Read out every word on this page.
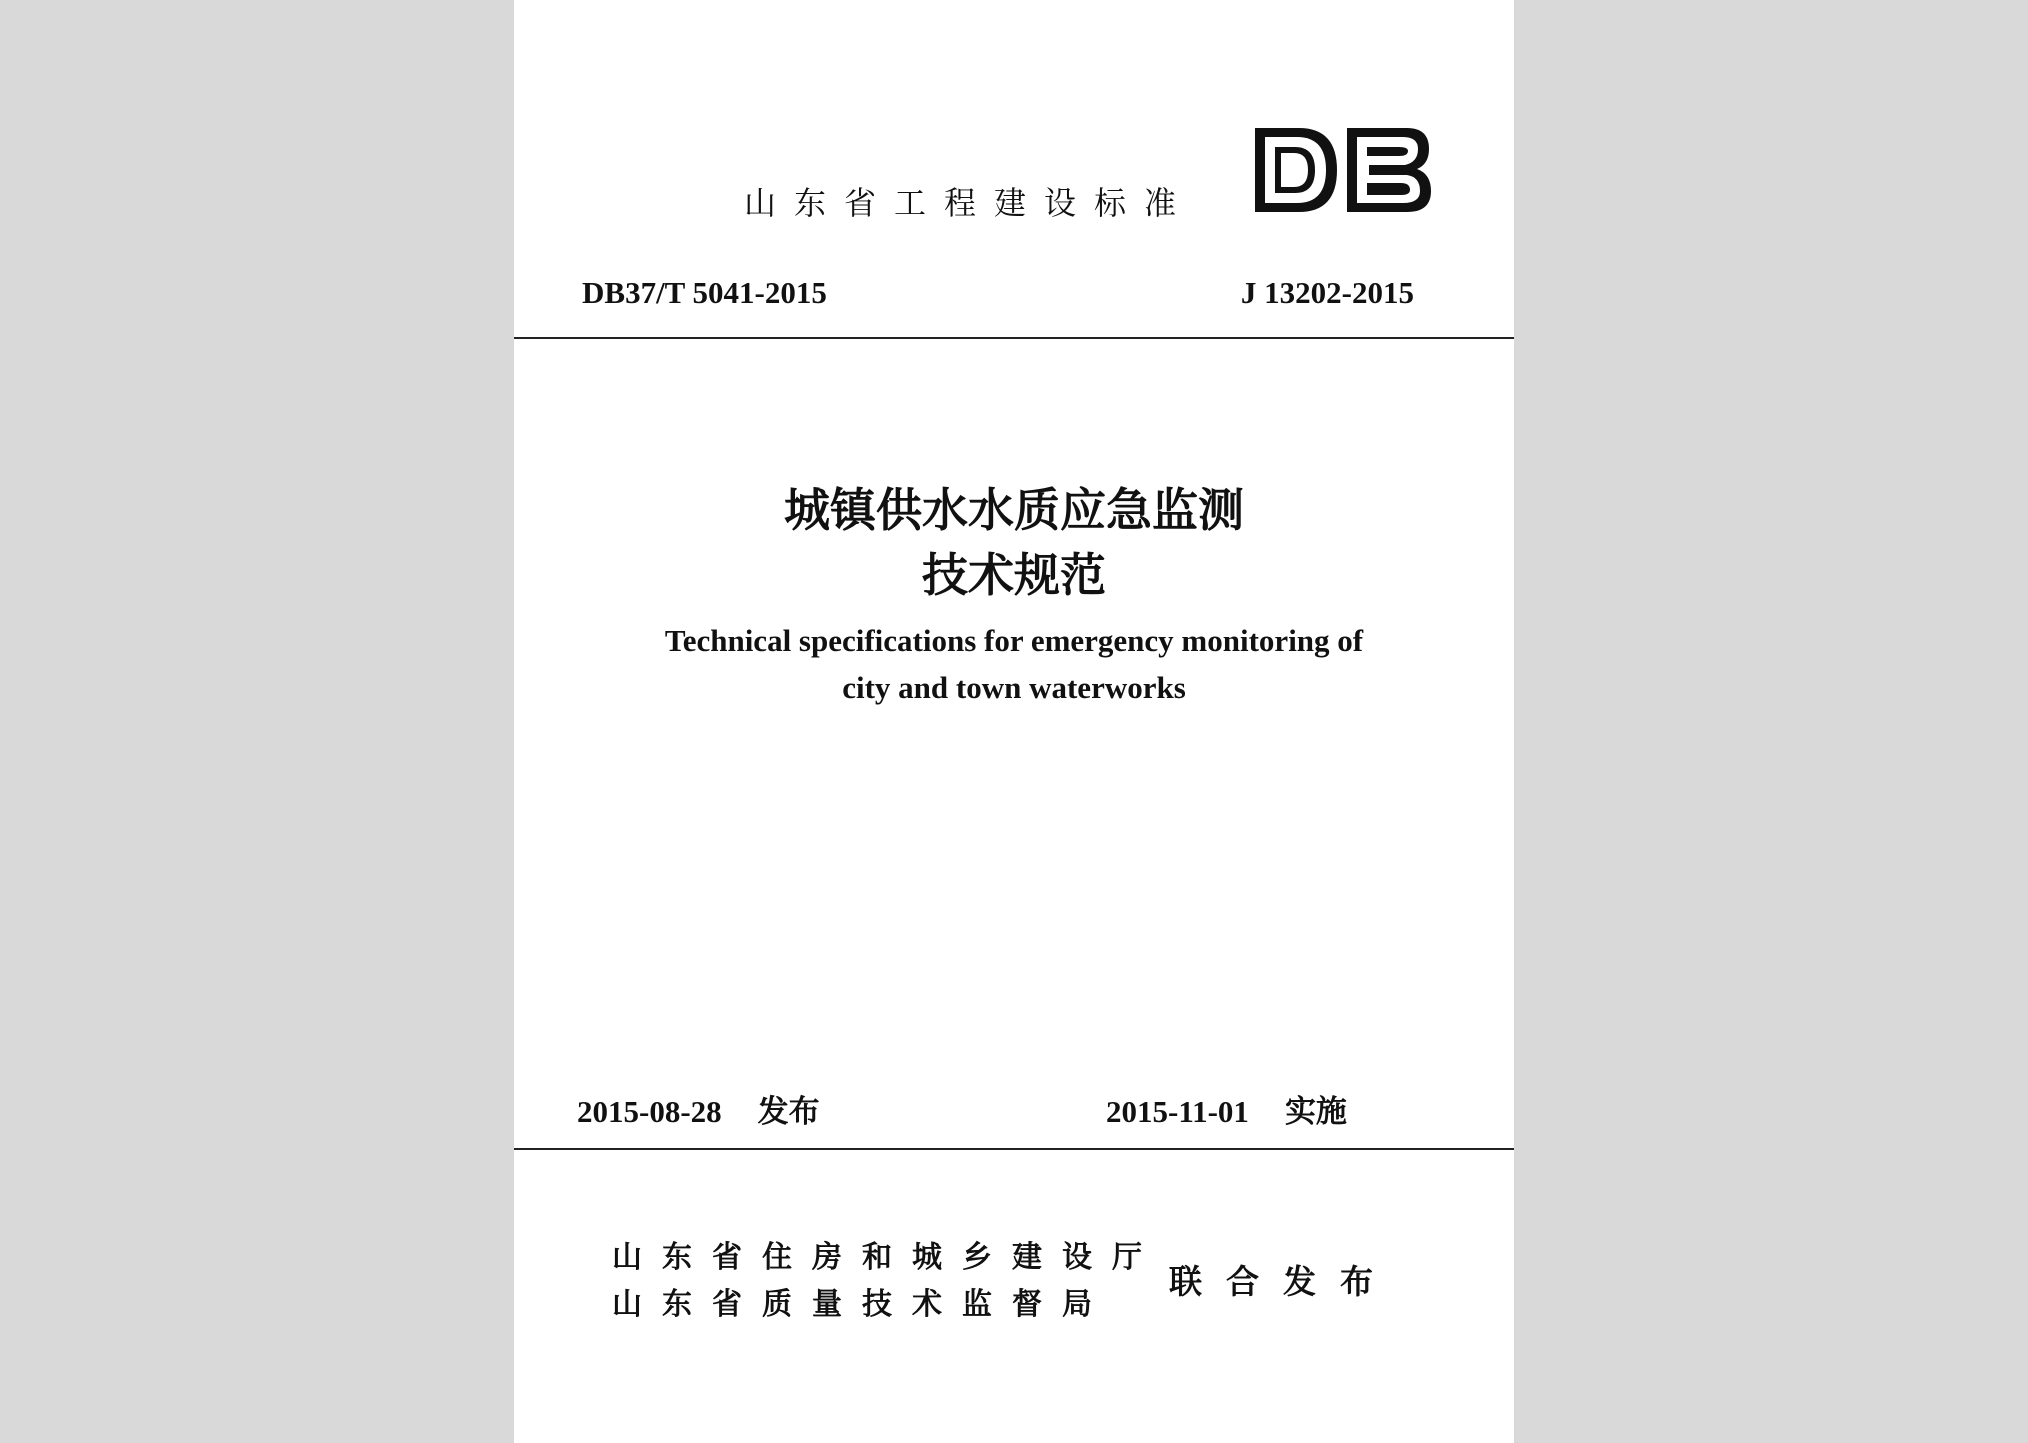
山东省工程建设标准
DB37/T 5041-2015	J 13202-2015
城镇供水水质应急监测
技术规范
Technical specifications for emergency monitoring of
city and town waterworks
2015-08-28 发布	2015-11-01 实施
山东省住房和城乡建设厅
山东省质量技术监督局
联合发布
